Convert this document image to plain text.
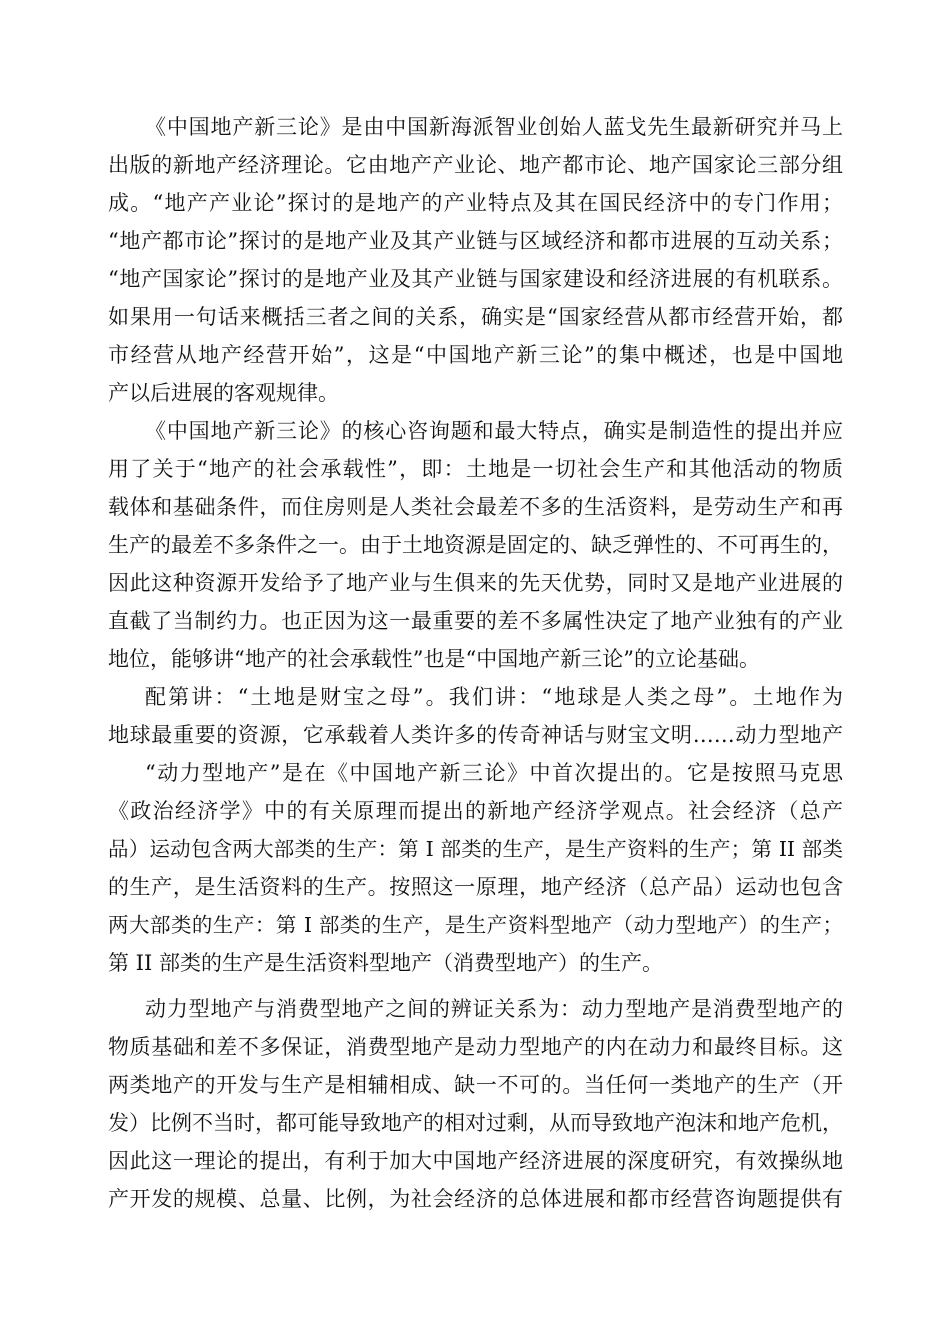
《中国地产新三论》是由中国新海派智业创始人蓝戈先生最新研究并马上
出版的新地产经济理论。它由地产产业论、地产都市论、地产国家论三部分组
成。“地产产业论”探讨的是地产的产业特点及其在国民经济中的专门作用；
“地产都市论”探讨的是地产业及其产业链与区域经济和都市进展的互动关系；
“地产国家论”探讨的是地产业及其产业链与国家建设和经济进展的有机联系。
如果用一句话来概括三者之间的关系，确实是“国家经营从都市经营开始，都
市经营从地产经营开始”，这是“中国地产新三论”的集中概述，也是中国地
产以后进展的客观规律。
《中国地产新三论》的核心咨询题和最大特点，确实是制造性的提出并应
用了关于“地产的社会承载性”，即：土地是一切社会生产和其他活动的物质
载体和基础条件，而住房则是人类社会最差不多的生活资料，是劳动生产和再
生产的最差不多条件之一。由于土地资源是固定的、缺乏弹性的、不可再生的，
因此这种资源开发给予了地产业与生俱来的先天优势，同时又是地产业进展的
直截了当制约力。也正因为这一最重要的差不多属性决定了地产业独有的产业
地位，能够讲“地产的社会承载性”也是“中国地产新三论”的立论基础。
配第讲：“土地是财宝之母”。我们讲：“地球是人类之母”。土地作为
地球最重要的资源，它承载着人类许多的传奇神话与财宝文明……动力型地产
“动力型地产”是在《中国地产新三论》中首次提出的。它是按照马克思
《政治经济学》中的有关原理而提出的新地产经济学观点。社会经济（总产
品）运动包含两大部类的生产：第 I 部类的生产，是生产资料的生产；第 II 部类
的生产，是生活资料的生产。按照这一原理，地产经济（总产品）运动也包含
两大部类的生产：第 I 部类的生产，是生产资料型地产（动力型地产）的生产；
第 II 部类的生产是生活资料型地产（消费型地产）的生产。
动力型地产与消费型地产之间的辨证关系为：动力型地产是消费型地产的
物质基础和差不多保证，消费型地产是动力型地产的内在动力和最终目标。这
两类地产的开发与生产是相辅相成、缺一不可的。当任何一类地产的生产（开
发）比例不当时，都可能导致地产的相对过剩，从而导致地产泡沫和地产危机，
因此这一理论的提出，有利于加大中国地产经济进展的深度研究，有效操纵地
产开发的规模、总量、比例，为社会经济的总体进展和都市经营咨询题提供有
